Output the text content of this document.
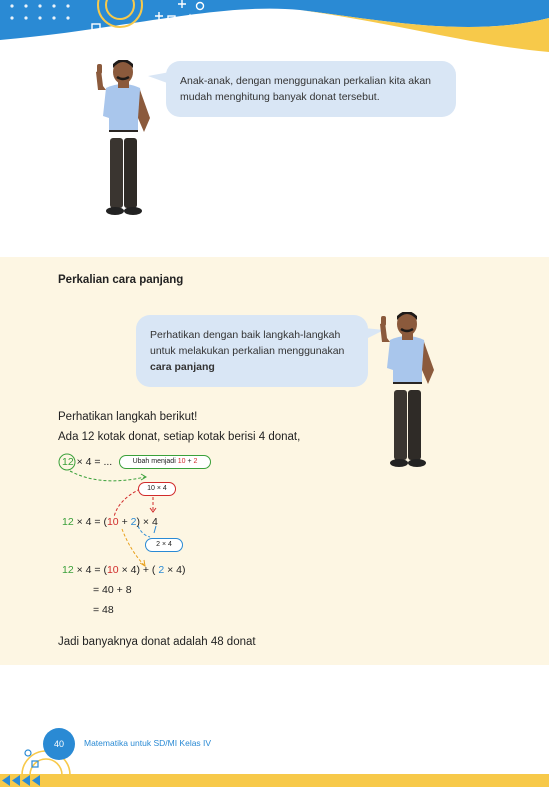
Anak-anak, dengan menggunakan perkalian kita akan
mudah menghitung banyak donat tersebut.
Perkalian cara panjang
Perhatikan dengan baik langkah-langkah
untuk melakukan perkalian menggunakan
cara panjang
Perhatikan langkah berikut!
Ada 12 kotak donat, setiap kotak berisi 4 donat,
12 × 4 = ...	Ubah menjadi 10 + 2
10 × 4
12 × 4 = (10 + 2) × 4
2 × 4
12 × 4 = (10 × 4) + ( 2 × 4)
= 40 + 8
= 48
Jadi banyaknya donat adalah 48 donat
40	Matematika untuk SD/MI Kelas IV
